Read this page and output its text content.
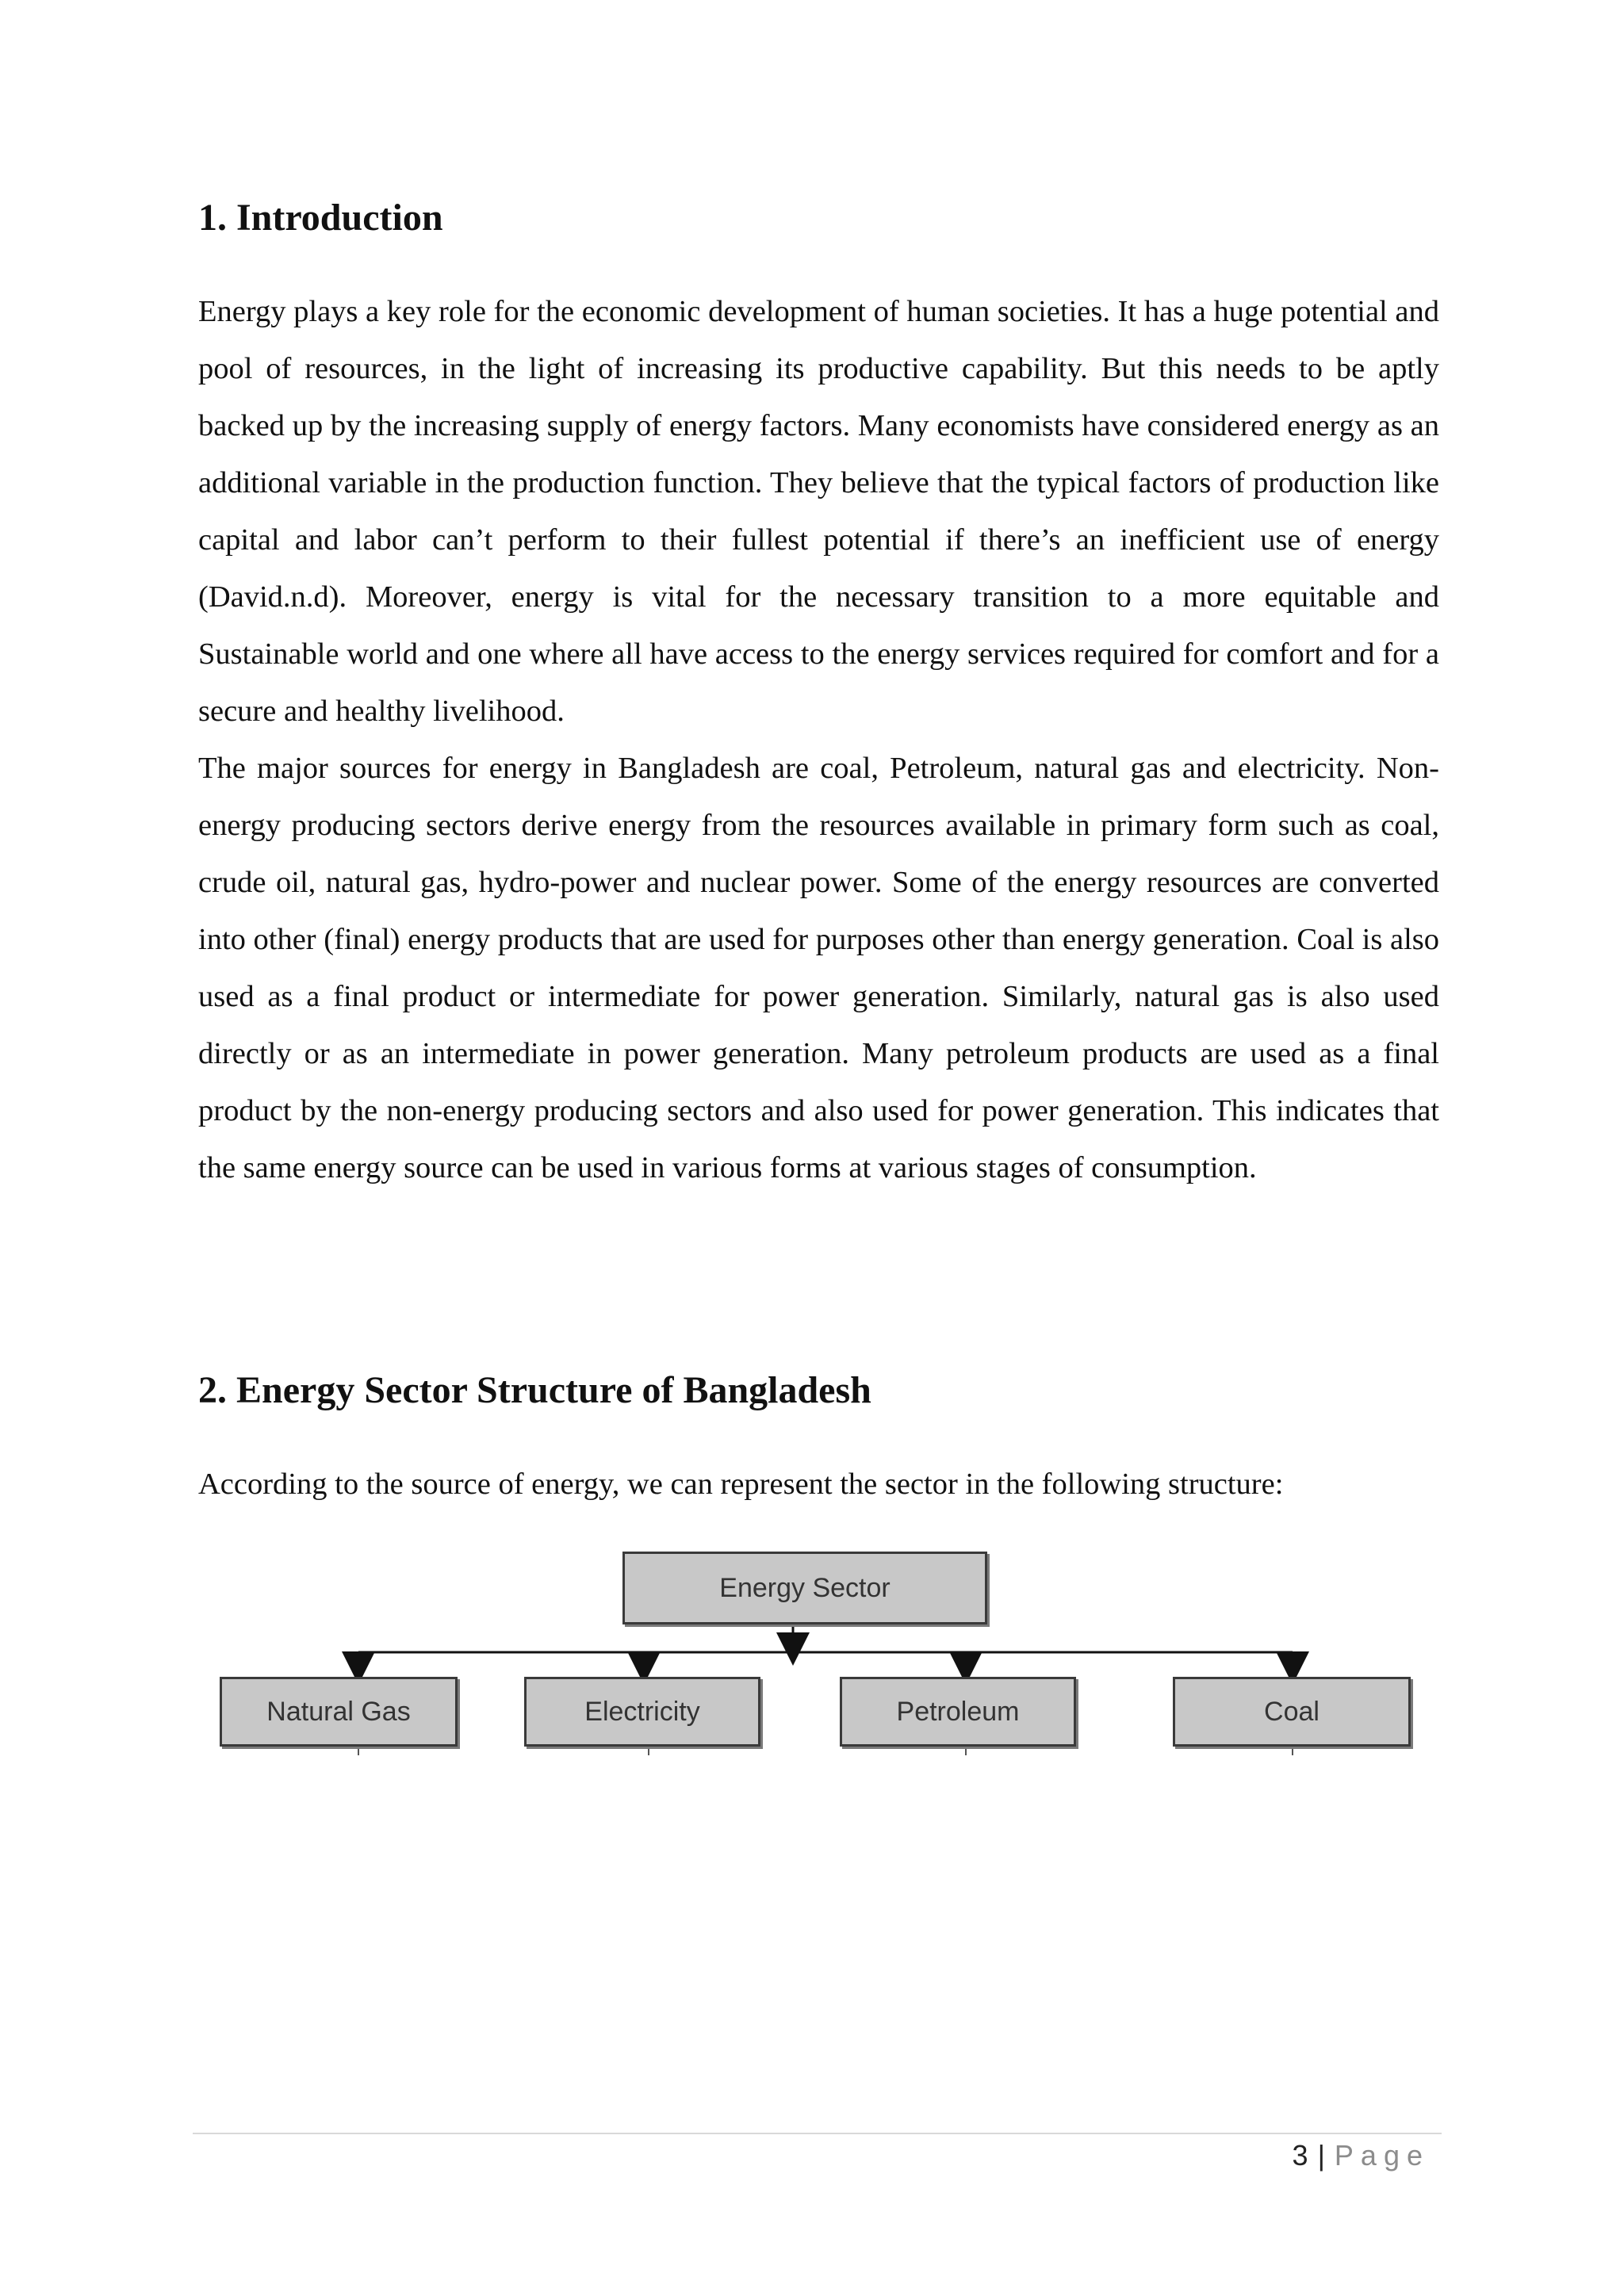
1. Introduction

Energy plays a key role for the economic development of human societies. It has a huge potential and pool of resources, in the light of increasing its productive capability. But this needs to be aptly backed up by the increasing supply of energy factors. Many economists have considered energy as an additional variable in the production function. They believe that the typical factors of production like capital and labor can’t perform to their fullest potential if there’s an inefficient use of energy (David.n.d). Moreover, energy is vital for the necessary transition to a more equitable and Sustainable world and one where all have access to the energy services required for comfort and for a secure and healthy livelihood.

The major sources for energy in Bangladesh are coal, Petroleum, natural gas and electricity. Non-energy producing sectors derive energy from the resources available in primary form such as coal, crude oil, natural gas, hydro-power and nuclear power. Some of the energy resources are converted into other (final) energy products that are used for purposes other than energy generation. Coal is also used as a final product or intermediate for power generation. Similarly, natural gas is also used directly or as an intermediate in power generation. Many petroleum products are used as a final product by the non-energy producing sectors and also used for power generation. This indicates that the same energy source can be used in various forms at various stages of consumption.

2. Energy Sector Structure of Bangladesh

According to the source of energy, we can represent the sector in the following structure:

Energy Sector
Natural Gas	Electricity	Petroleum	Coal
3 | Page
